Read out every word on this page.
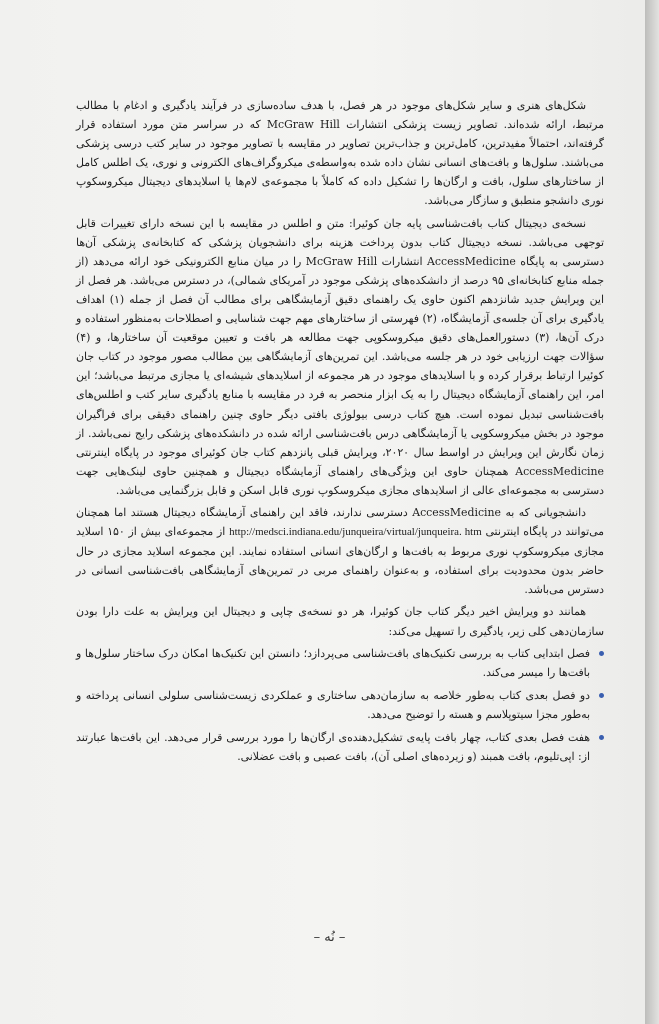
شکل‌های هنری و سایر شکل‌های موجود در هر فصل، با هدف ساده‌سازی در فرآیند یادگیری و ادغام با مطالب مرتبط، ارائه شده‌اند. تصاویر زیست پزشکی انتشارات McGraw Hill که در سراسر متن مورد استفاده قرار گرفته‌اند، احتمالاً مفیدترین، کامل‌ترین و جذاب‌ترین تصاویر در مقایسه با تصاویر موجود در سایر کتب درسی پزشکی می‌باشند. سلول‌ها و بافت‌های انسانی نشان داده شده به‌واسطه‌ی میکروگراف‌های الکترونی و نوری، یک اطلس کامل از ساختارهای سلول، بافت و ارگان‌ها را تشکیل داده که کاملاً با مجموعه‌ی لام‌ها یا اسلایدهای دیجیتال میکروسکوپ نوری دانشجو منطبق و سازگار می‌باشد.

نسخه‌ی دیجیتال کتاب بافت‌شناسی پایه جان کوئیرا: متن و اطلس در مقایسه با این نسخه دارای تغییرات قابل توجهی می‌باشد. نسخه دیجیتال کتاب بدون پرداخت هزینه برای دانشجویان پزشکی که کتابخانه‌ی پزشکی آن‌ها دسترسی به پایگاه AccessMedicine انتشارات McGraw Hill را در میان منابع الکترونیکی خود ارائه می‌دهد (از جمله منابع کتابخانه‌ای ۹۵ درصد از دانشکده‌های پزشکی موجود در آمریکای شمالی)، در دسترس می‌باشد. هر فصل از این ویرایش جدید شانزدهم اکنون حاوی یک راهنمای دقیق آزمایشگاهی برای مطالب آن فصل از جمله (۱) اهداف یادگیری برای آن جلسه‌ی آزمایشگاه، (۲) فهرستی از ساختارهای مهم جهت شناسایی و اصطلاحات به‌منظور استفاده و درک آن‌ها، (۳) دستورالعمل‌های دقیق میکروسکوپی جهت مطالعه هر بافت و تعیین موقعیت آن ساختارها، و (۴) سؤالات جهت ارزیابی خود در هر جلسه می‌باشد. این تمرین‌های آزمایشگاهی بین مطالب مصور موجود در کتاب جان کوئیرا ارتباط برقرار کرده و با اسلایدهای موجود در هر مجموعه از اسلایدهای شیشه‌ای یا مجازی مرتبط می‌باشد؛ این امر، این راهنمای آزمایشگاه دیجیتال را به یک ابزار منحصر به فرد در مقایسه با منابع یادگیری سایر کتب و اطلس‌های بافت‌شناسی تبدیل نموده است. هیچ کتاب درسی بیولوژی بافتی دیگر حاوی چنین راهنمای دقیقی برای فراگیران موجود در بخش میکروسکوپی یا آزمایشگاهی درس بافت‌شناسی ارائه شده در دانشکده‌های پزشکی رایج نمی‌باشد. از زمان نگارش این ویرایش در اواسط سال ۲۰۲۰، ویرایش قبلی پانزدهم کتاب جان کوئیرای موجود در پایگاه اینترنتی AccessMedicine همچنان حاوی این ویژگی‌های راهنمای آزمایشگاه دیجیتال و همچنین حاوی لینک‌هایی جهت دسترسی به مجموعه‌ای عالی از اسلایدهای مجازی میکروسکوپ نوری قابل اسکن و قابل بزرگنمایی می‌باشد.

دانشجویانی که به AccessMedicine دسترسی ندارند، فاقد این راهنمای آزمایشگاه دیجیتال هستند اما همچنان می‌توانند در پایگاه اینترنتی http://medsci.indiana.edu/junqueira/virtual/junqueira. htm از مجموعه‌ای بیش از ۱۵۰ اسلاید مجازی میکروسکوپ نوری مربوط به بافت‌ها و ارگان‌های انسانی استفاده نمایند. این مجموعه اسلاید مجازی در حال حاضر بدون محدودیت برای استفاده، و به‌عنوان راهنمای مربی در تمرین‌های آزمایشگاهی بافت‌شناسی انسانی در دسترس می‌باشد.

همانند دو ویرایش اخیر دیگر کتاب جان کوئیرا، هر دو نسخه‌ی چاپی و دیجیتال این ویرایش به علت دارا بودن سازمان‌دهی کلی زیر، یادگیری را تسهیل می‌کند:

فصل ابتدایی کتاب به بررسی تکنیک‌های بافت‌شناسی می‌پردازد؛ دانستن این تکنیک‌ها امکان درک ساختار سلول‌ها و بافت‌ها را میسر می‌کند.
دو فصل بعدی کتاب به‌طور خلاصه به سازمان‌دهی ساختاری و عملکردی زیست‌شناسی سلولی انسانی پرداخته و به‌طور مجزا سیتوپلاسم و هسته را توضیح می‌دهد.
هفت فصل بعدی کتاب، چهار بافت پایه‌ی تشکیل‌دهنده‌ی ارگان‌ها را مورد بررسی قرار می‌دهد. این بافت‌ها عبارتند از: اپی‌تلیوم، بافت همبند (و زیرده‌های اصلی آن)، بافت عصبی و بافت عضلانی.
– نُه –
